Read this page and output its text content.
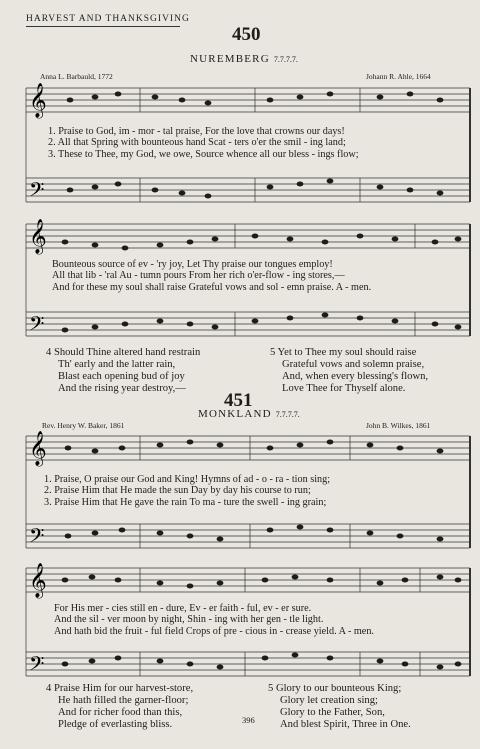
HARVEST AND THANKSGIVING
450
NUREMBERG 7.7.7.7.
Anna L. Barbauld, 1772	Johann R. Ahle, 1664
𝄞
𝄢
1. Praise to God, im - mor - tal praise, For the love that crowns our days!
2. All that Spring with bounteous hand Scat - ters o'er the smil - ing land;
3. These to Thee, my God, we owe, Source whence all our bless - ings flow;
𝄞
𝄢
Bounteous source of ev - 'ry joy, Let Thy praise our tongues employ!
All that lib - 'ral Au - tumn pours From her rich o'er-flow - ing stores,—
And for these my soul shall raise Grateful vows and sol - emn praise. A - men.
4 Should Thine altered hand restrain
Th' early and the latter rain,
Blast each opening bud of joy
And the rising year destroy,—
5 Yet to Thee my soul should raise
Grateful vows and solemn praise,
And, when every blessing's flown,
Love Thee for Thyself alone.
451
MONKLAND 7.7.7.7.
Rev. Henry W. Baker, 1861	John B. Wilkes, 1861
𝄞
𝄢
1. Praise, O praise our God and King! Hymns of ad - o - ra - tion sing;
2. Praise Him that He made the sun Day by day his course to run;
3. Praise Him that He gave the rain To ma - ture the swell - ing grain;
𝄞
𝄢
For His mer - cies still en - dure, Ev - er faith - ful, ev - er sure.
And the sil - ver moon by night, Shin - ing with her gen - tle light.
And hath bid the fruit - ful field Crops of pre - cious in - crease yield. A - men.
4 Praise Him for our harvest-store,
He hath filled the garner-floor;
And for richer food than this,
Pledge of everlasting bliss.
5 Glory to our bounteous King;
Glory let creation sing;
Glory to the Father, Son,
And blest Spirit, Three in One.
396
